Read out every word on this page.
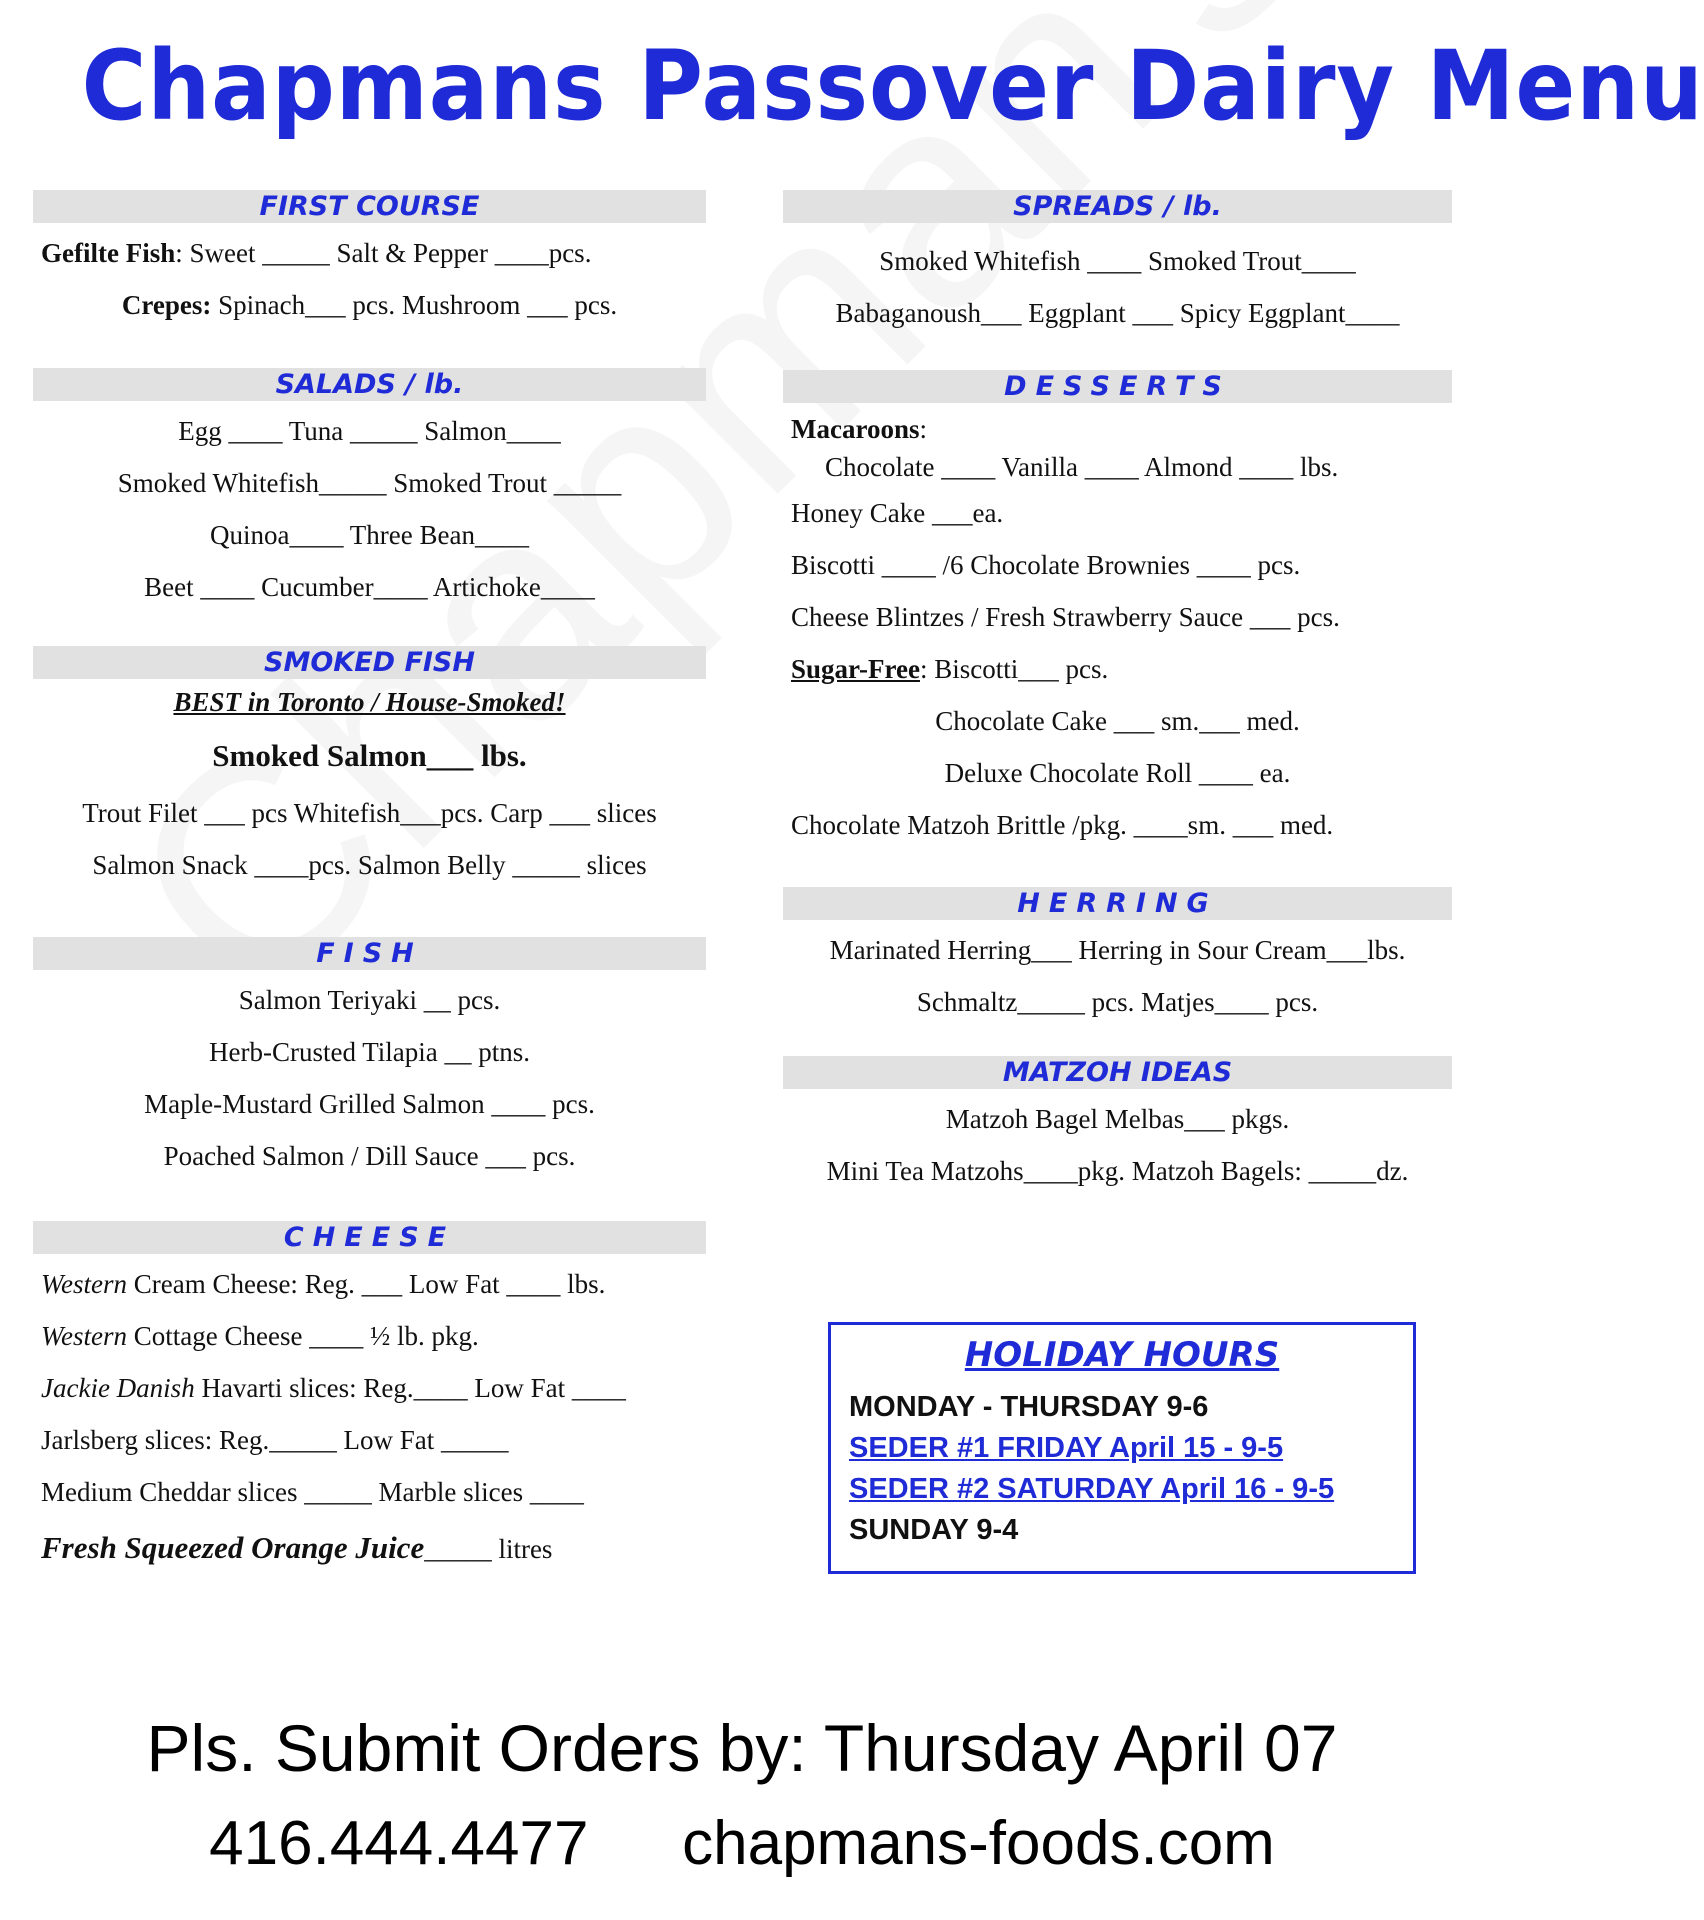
Chapmans Passover Dairy Menu
FIRST COURSE
Gefilte Fish: Sweet _____ Salt & Pepper ____pcs.
Crepes: Spinach___ pcs. Mushroom ___ pcs.
SALADS / lb.
Egg ____ Tuna _____ Salmon____
Smoked Whitefish_____ Smoked Trout _____
Quinoa____ Three Bean____
Beet ____ Cucumber____ Artichoke____
SMOKED FISH
BEST in Toronto / House-Smoked!
Smoked Salmon___ lbs.
Trout Filet ___ pcs Whitefish___pcs. Carp ___ slices
Salmon Snack ____pcs. Salmon Belly _____ slices
FISH
Salmon Teriyaki __ pcs.
Herb-Crusted Tilapia __ ptns.
Maple-Mustard Grilled Salmon ____ pcs.
Poached Salmon / Dill Sauce ___ pcs.
CHEESE
Western Cream Cheese: Reg. ___ Low Fat ____ lbs.
Western Cottage Cheese ____ ½ lb. pkg.
Jackie Danish Havarti slices: Reg.____ Low Fat ____
Jarlsberg slices: Reg._____ Low Fat _____
Medium Cheddar slices _____ Marble slices ____
Fresh Squeezed Orange Juice_____ litres
SPREADS / lb.
Smoked Whitefish ____ Smoked Trout____
Babaganoush___ Eggplant ___ Spicy Eggplant____
DESSERTS
Macaroons:
Chocolate ____ Vanilla ____ Almond ____ lbs.
Honey Cake ___ea.
Biscotti ____ /6 Chocolate Brownies ____ pcs.
Cheese Blintzes / Fresh Strawberry Sauce ___ pcs.
Sugar-Free: Biscotti___ pcs.
Chocolate Cake ___ sm.___ med.
Deluxe Chocolate Roll ____ ea.
Chocolate Matzoh Brittle /pkg. ____sm. ___ med.
HERRING
Marinated Herring___ Herring in Sour Cream___lbs.
Schmaltz_____ pcs. Matjes____ pcs.
MATZOH IDEAS
Matzoh Bagel Melbas___ pkgs.
Mini Tea Matzohs____pkg. Matzoh Bagels: _____dz.
HOLIDAY HOURS
MONDAY - THURSDAY 9-6
SEDER #1 FRIDAY April 15 - 9-5
SEDER #2 SATURDAY April 16 - 9-5
SUNDAY 9-4
Pls. Submit Orders by: Thursday April 07
416.444.4477 chapmans-foods.com
